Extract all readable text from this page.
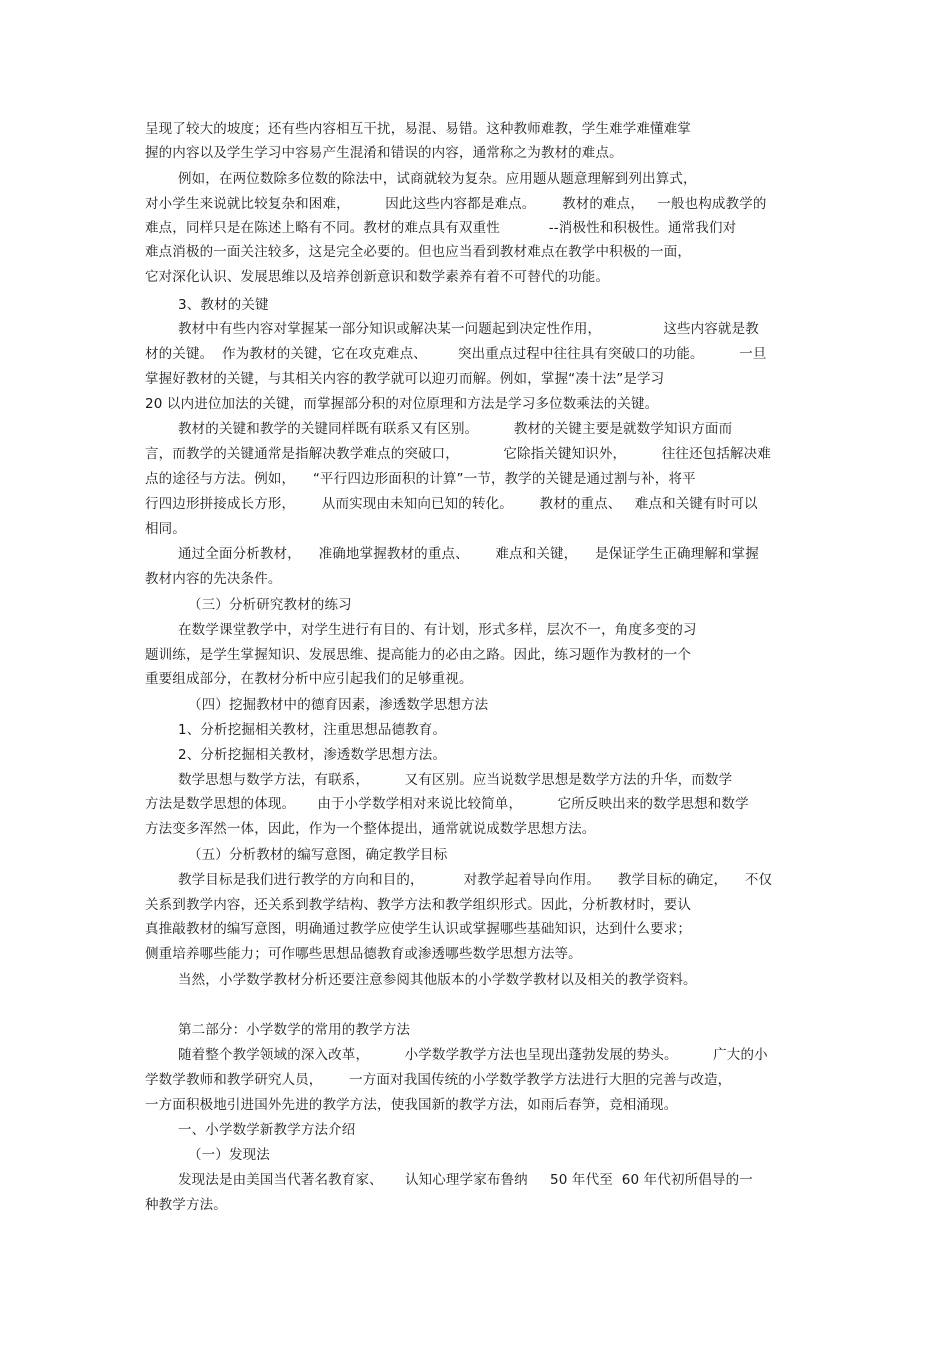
呈现了较大的坡度；还有些内容相互干扰，易混、易错。这种教师难教，学生难学难懂难掌
握的内容以及学生学习中容易产生混淆和错误的内容，通常称之为教材的难点。
例如，在两位数除多位数的除法中，试商就较为复杂。应用题从题意理解到列出算式，
对小学生来说就比较复杂和困难，        因此这些内容都是难点。      教材的难点，   一般也构成教学的
难点，同样只是在陈述上略有不同。教材的难点具有双重性           --消极性和积极性。通常我们对
难点消极的一面关注较多，这是完全必要的。但也应当看到教材难点在教学中积极的一面，
它对深化认识、发展思维以及培养创新意识和数学素养有着不可替代的功能。
3、教材的关键
教材中有些内容对掌握某一部分知识或解决某一问题起到决定性作用，              这些内容就是教
材的关键。  作为教材的关键，它在攻克难点、       突出重点过程中往往具有突破口的功能。        一旦
掌握好教材的关键，与其相关内容的教学就可以迎刃而解。例如，掌握“凑十法”是学习
20 以内进位加法的关键，而掌握部分积的对位原理和方法是学习多位数乘法的关键。
教材的关键和教学的关键同样既有联系又有区别。        教材的关键主要是就数学知识方面而
言，而教学的关键通常是指解决教学难点的突破口，          它除指关键知识外，        往往还包括解决难
点的途径与方法。例如，    “平行四边形面积的计算”一节，教学的关键是通过割与补，将平
行四边形拼接成长方形，      从而实现由未知向已知的转化。      教材的重点、   难点和关键有时可以
相同。
通过全面分析教材，    准确地掌握教材的重点、      难点和关键，    是保证学生正确理解和掌握
教材内容的先决条件。
（三）分析研究教材的练习
在数学课堂教学中，对学生进行有目的、有计划，形式多样，层次不一，角度多变的习
题训练，是学生掌握知识、发展思维、提高能力的必由之路。因此，练习题作为教材的一个
重要组成部分，在教材分析中应引起我们的足够重视。
（四）挖掘教材中的德育因素，渗透数学思想方法
1、分析挖掘相关教材，注重思想品德教育。
2、分析挖掘相关教材，渗透数学思想方法。
数学思想与数学方法，有联系，        又有区别。应当说数学思想是数学方法的升华，而数学
方法是数学思想的体现。     由于小学数学相对来说比较简单，        它所反映出来的数学思想和数学
方法变多浑然一体，因此，作为一个整体提出，通常就说成数学思想方法。
（五）分析教材的编写意图，确定教学目标
教学目标是我们进行教学的方向和目的，         对教学起着导向作用。    教学目标的确定，    不仅
关系到教学内容，还关系到教学结构、教学方法和教学组织形式。因此，分析教材时，要认
真推敲教材的编写意图，明确通过教学应使学生认识或掌握哪些基础知识，达到什么要求；
侧重培养哪些能力；可作哪些思想品德教育或渗透哪些数学思想方法等。
当然，小学数学教材分析还要注意参阅其他版本的小学数学教材以及相关的教学资料。
第二部分：小学数学的常用的教学方法
随着整个教学领域的深入改革，        小学数学教学方法也呈现出蓬勃发展的势头。        广大的小
学数学教师和教学研究人员，      一方面对我国传统的小学数学教学方法进行大胆的完善与改造，
一方面积极地引进国外先进的教学方法，使我国新的教学方法，如雨后春笋，竞相涌现。
一、小学数学新教学方法介绍
（一）发现法
发现法是由美国当代著名教育家、     认知心理学家布鲁纳     50 年代至  60 年代初所倡导的一
种教学方法。
